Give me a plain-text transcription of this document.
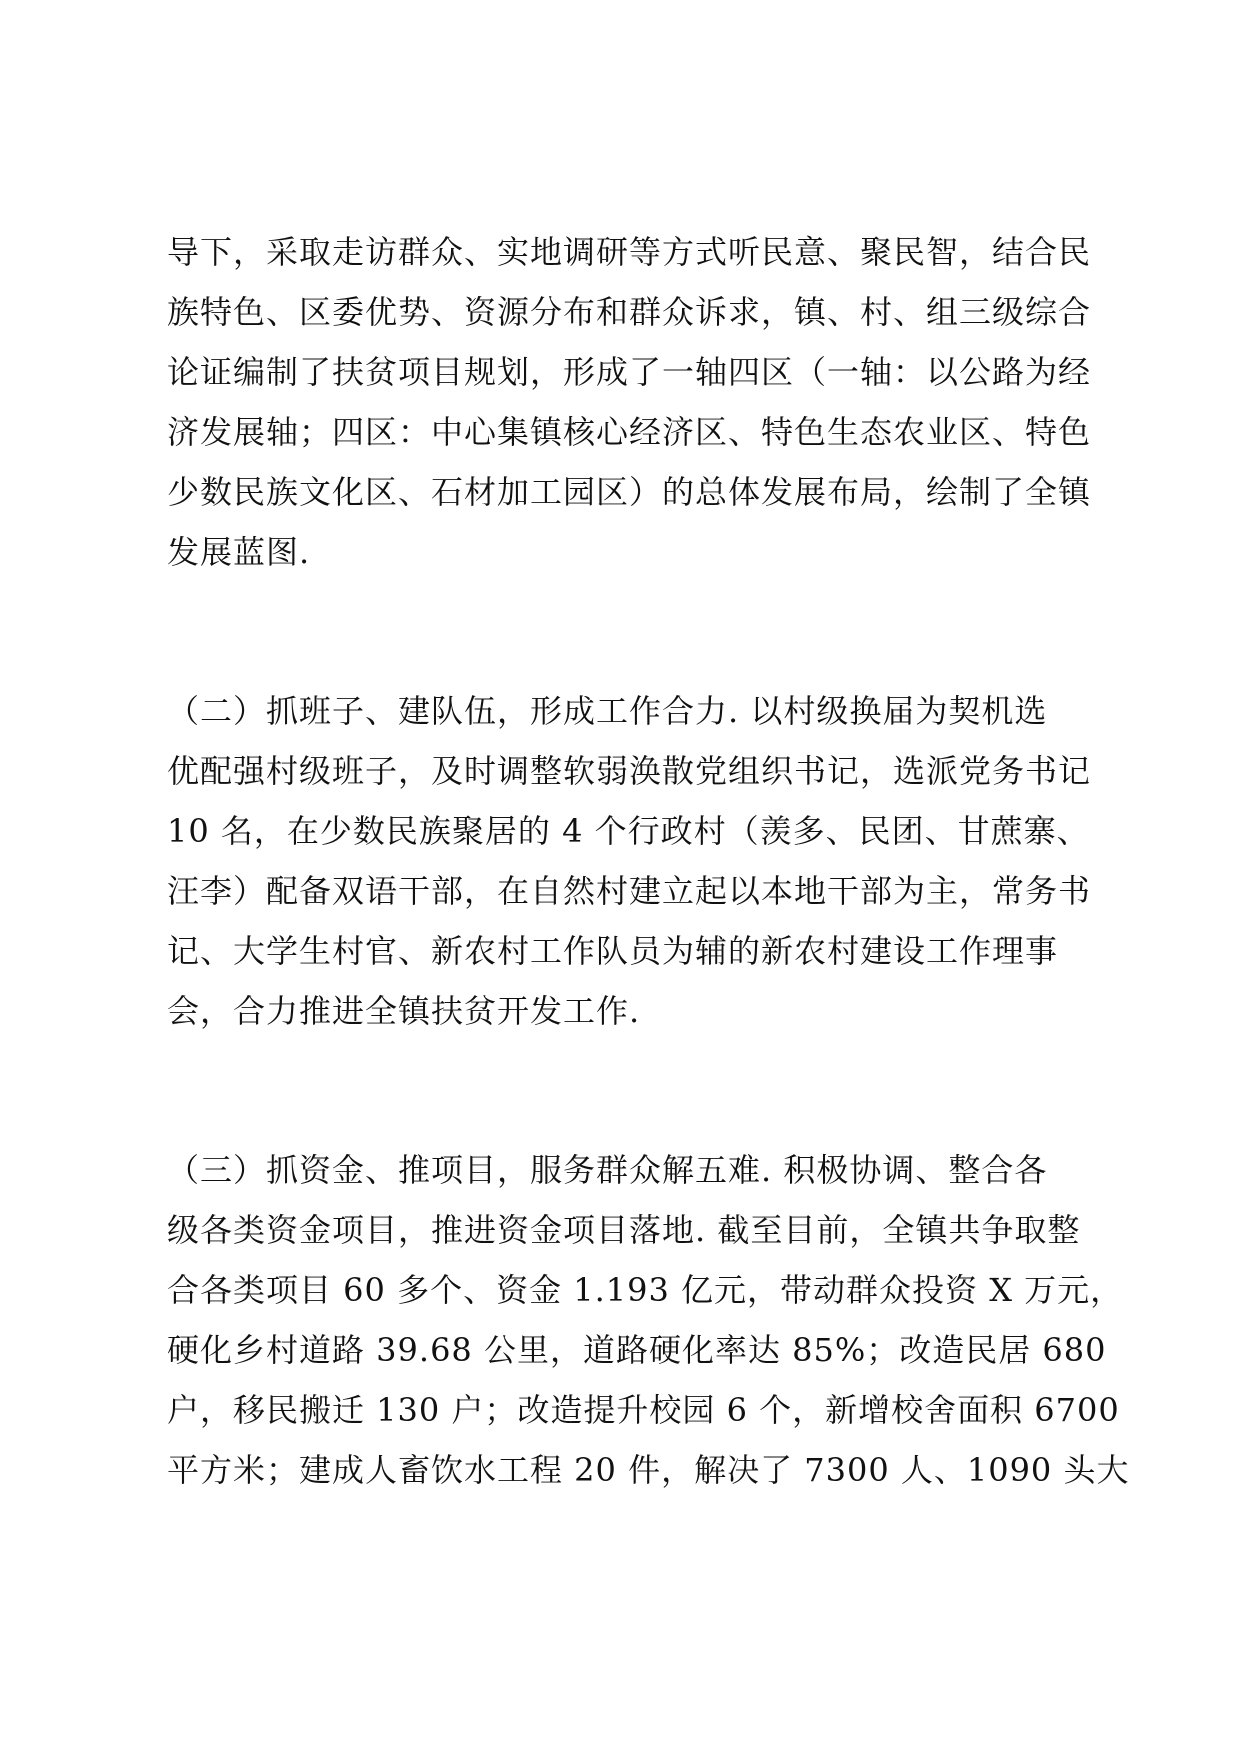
导下，采取走访群众、实地调研等方式听民意、聚民智，结合民
族特色、区委优势、资源分布和群众诉求，镇、村、组三级综合
论证编制了扶贫项目规划，形成了一轴四区（一轴：以公路为经
济发展轴；四区：中心集镇核心经济区、特色生态农业区、特色
少数民族文化区、石材加工园区）的总体发展布局，绘制了全镇
发展蓝图.
（二）抓班子、建队伍，形成工作合力. 以村级换届为契机选
优配强村级班子，及时调整软弱涣散党组织书记，选派党务书记
10 名，在少数民族聚居的 4 个行政村（羡多、民团、甘蔗寨、
汪李）配备双语干部，在自然村建立起以本地干部为主，常务书
记、大学生村官、新农村工作队员为辅的新农村建设工作理事
会，合力推进全镇扶贫开发工作.
（三）抓资金、推项目，服务群众解五难. 积极协调、整合各
级各类资金项目，推进资金项目落地. 截至目前，全镇共争取整
合各类项目 60 多个、资金 1.193 亿元，带动群众投资 X 万元，
硬化乡村道路 39.68 公里，道路硬化率达 85%；改造民居 680
户，移民搬迁 130 户；改造提升校园 6 个，新增校舍面积 6700
平方米；建成人畜饮水工程 20 件，解决了 7300 人、1090 头大
